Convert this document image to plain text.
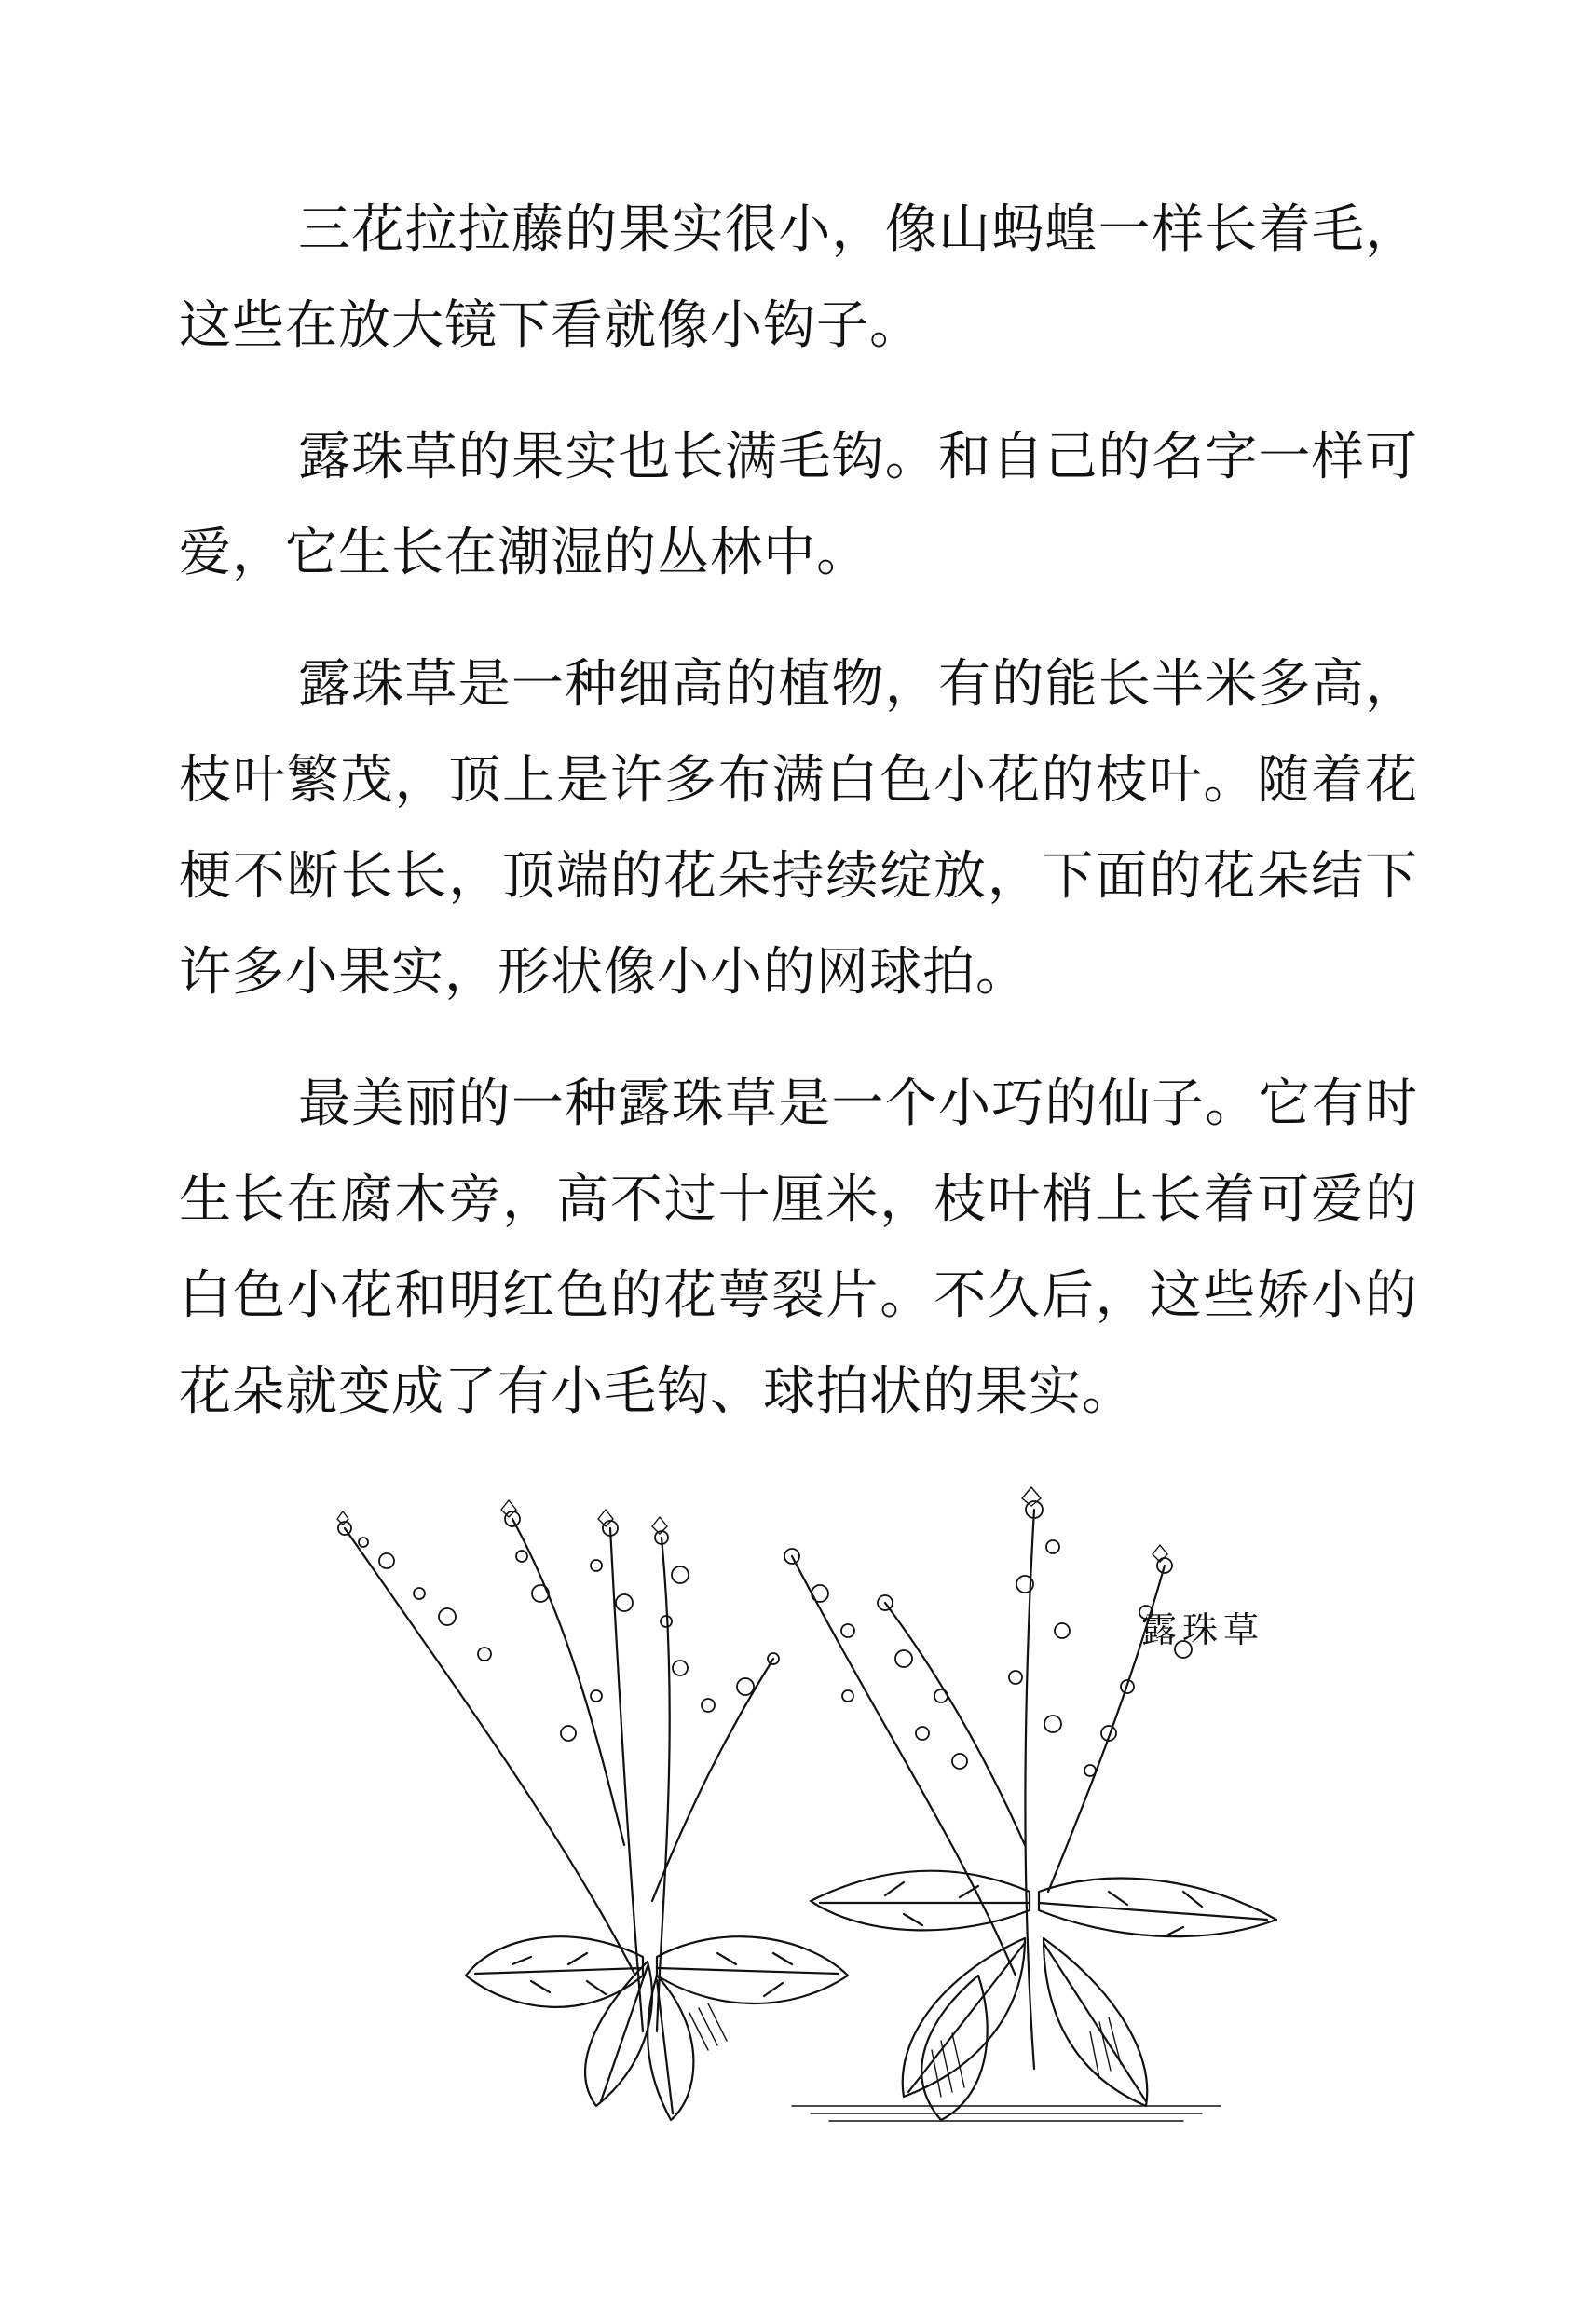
三花拉拉藤的果实很小，像山蚂蝗一样长着毛，这些在放大镜下看就像小钩子。

露珠草的果实也长满毛钩。和自己的名字一样可爱，它生长在潮湿的丛林中。

露珠草是一种细高的植物，有的能长半米多高，枝叶繁茂，顶上是许多布满白色小花的枝叶。随着花梗不断长长，顶端的花朵持续绽放，下面的花朵结下许多小果实，形状像小小的网球拍。

最美丽的一种露珠草是一个小巧的仙子。它有时生长在腐木旁，高不过十厘米，枝叶梢上长着可爱的白色小花和明红色的花萼裂片。不久后，这些娇小的花朵就变成了有小毛钩、球拍状的果实。

露珠草
